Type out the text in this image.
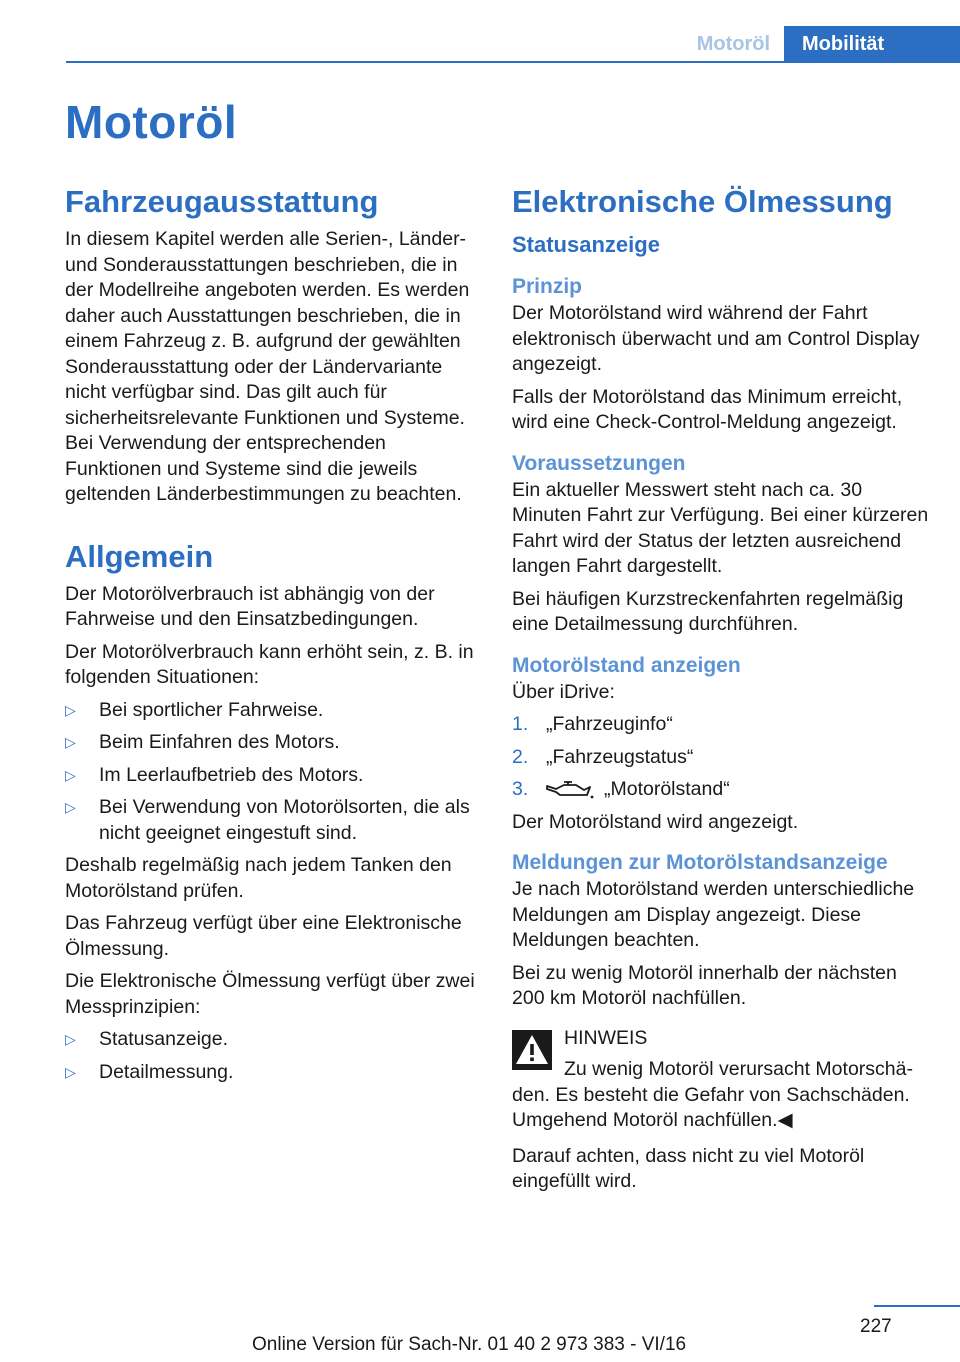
Motoröl	Mobilität
Motoröl
Fahrzeugausstattung

In diesem Kapitel werden alle Serien-, Länder- und Sonderausstattungen beschrieben, die in der Modellreihe angeboten werden. Es werden daher auch Ausstattungen beschrieben, die in einem Fahrzeug z. B. aufgrund der gewählten Sonderausstattung oder der Ländervariante nicht verfügbar sind. Das gilt auch für sicherheitsrelevante Funktionen und Systeme. Bei Verwendung der entsprechenden Funktionen und Systeme sind die jeweils geltenden Länderbestimmungen zu beachten.

Allgemein

Der Motorölverbrauch ist abhängig von der Fahrweise und den Einsatzbedingungen.

Der Motorölverbrauch kann erhöht sein, z. B. in folgenden Situationen:

▷ Bei sportlicher Fahrweise.
▷ Beim Einfahren des Motors.
▷ Im Leerlaufbetrieb des Motors.
▷ Bei Verwendung von Motorölsorten, die als nicht geeignet eingestuft sind.

Deshalb regelmäßig nach jedem Tanken den Motorölstand prüfen.

Das Fahrzeug verfügt über eine Elektronische Ölmessung.

Die Elektronische Ölmessung verfügt über zwei Messprinzipien:

▷ Statusanzeige.
▷ Detailmessung.
Elektronische Ölmessung
Statusanzeige
Prinzip

Der Motorölstand wird während der Fahrt elektronisch überwacht und am Control Display angezeigt.

Falls der Motorölstand das Minimum erreicht, wird eine Check-Control-Meldung angezeigt.

Voraussetzungen

Ein aktueller Messwert steht nach ca. 30 Minuten Fahrt zur Verfügung. Bei einer kürzeren Fahrt wird der Status der letzten ausreichend langen Fahrt dargestellt.

Bei häufigen Kurzstreckenfahrten regelmäßig eine Detailmessung durchführen.

Motorölstand anzeigen

Über iDrive:

1. „Fahrzeuginfo“
2. „Fahrzeugstatus“
3.	„Motorölstand“

Der Motorölstand wird angezeigt.

Meldungen zur Motorölstandsanzeige

Je nach Motorölstand werden unterschiedliche Meldungen am Display angezeigt. Diese Meldungen beachten.

Bei zu wenig Motoröl innerhalb der nächsten 200 km Motoröl nachfüllen.

HINWEIS
Zu wenig Motoröl verursacht Motorschä-
den. Es besteht die Gefahr von Sachschäden. Umgehend Motoröl nachfüllen.◀

Darauf achten, dass nicht zu viel Motoröl eingefüllt wird.

227
Online Version für Sach-Nr. 01 40 2 973 383 - VI/16
